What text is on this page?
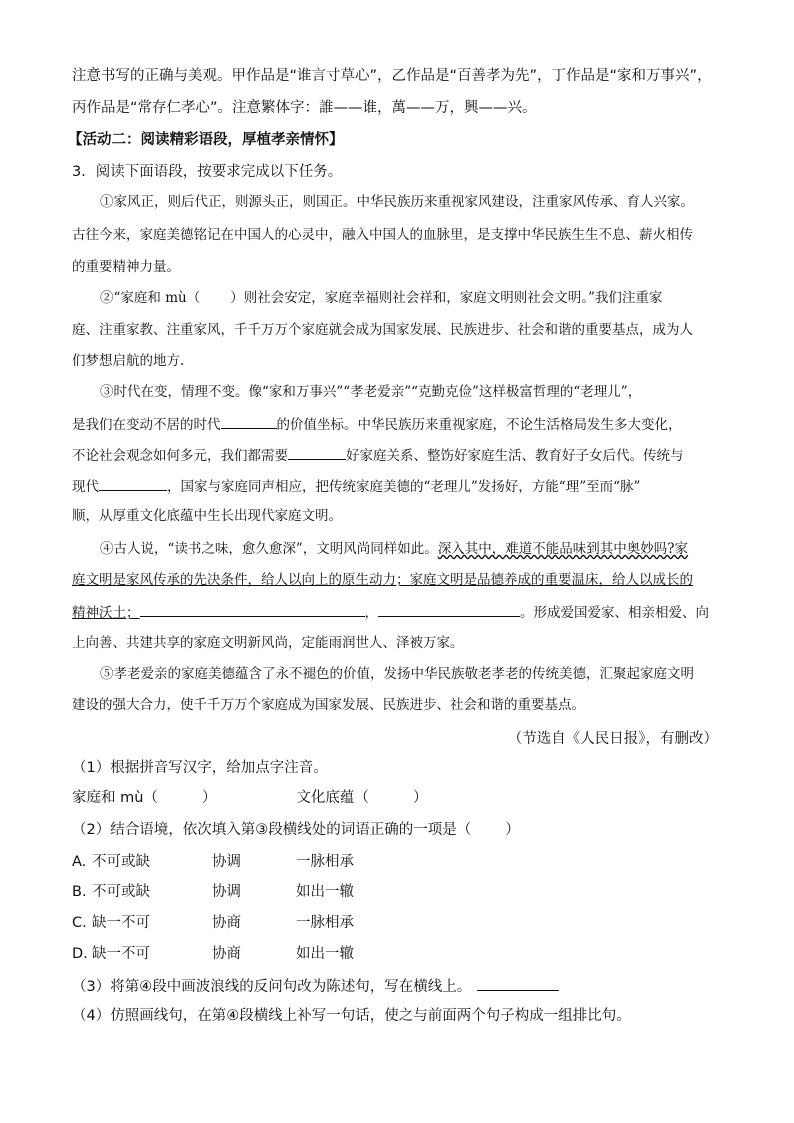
注意书写的正确与美观。甲作品是“谁言寸草心”，乙作品是“百善孝为先”，丁作品是“家和万事兴”，
丙作品是“常存仁孝心”。注意繁体字：誰——谁，萬——万，興——兴。
【活动二：阅读精彩语段，厚植孝亲情怀】
3．阅读下面语段，按要求完成以下任务。
①家风正，则后代正，则源头正，则国正。中华民族历来重视家风建设，注重家风传承、育人兴家。
古往今来，家庭美德铭记在中国人的心灵中，融入中国人的血脉里，是支撑中华民族生生不息、薪火相传
的重要精神力量。
②“家庭和 mù（ ）则社会安定，家庭幸福则社会祥和，家庭文明则社会文明。”我们注重家
庭、注重家教、注重家风，千千万万个家庭就会成为国家发展、民族进步、社会和谐的重要基点，成为人
们梦想启航的地方.
③时代在变，情理不变。像“家和万事兴”“孝老爱亲”“克勤克俭”这样极富哲理的“老理儿”，
是我们在变动不居的时代	的价值坐标。中华民族历来重视家庭，不论生活格局发生多大变化，
不论社会观念如何多元，我们都需要	好家庭关系、整饬好家庭生活、教育好子女后代。传统与
现代	，国家与家庭同声相应，把传统家庭美德的“老理儿”发扬好，方能“理”至而“脉”
顺，从厚重文化底蕴中生长出现代家庭文明。
④古人说，“读书之味，愈久愈深”，文明风尚同样如此。深入其中，难道不能品味到其中奥妙吗?家
庭文明是家风传承的先决条件，给人以向上的原生动力；家庭文明是品德养成的重要温床，给人以成长的
精神沃土；	，	。形成爱国爱家、相亲相爱、向
上向善、共建共享的家庭文明新风尚，定能雨润世人、泽被万家。
⑤孝老爱亲的家庭美德蕴含了永不褪色的价值，发扬中华民族敬老孝老的传统美德，汇聚起家庭文明
建设的强大合力，使千千万万个家庭成为国家发展、民族进步、社会和谐的重要基点。
（节选自《人民日报》，有删改）
（1）根据拼音写汉字，给加点字注音。
家庭和 mù（	）	文化底蕴（	）
（2）结合语境，依次填入第③段横线处的词语正确的一项是（ ）
A. 不可或缺	协调	一脉相承
B. 不可或缺	协调	如出一辙
C. 缺一不可	协商	一脉相承
D. 缺一不可	协商	如出一辙
（3）将第④段中画波浪线的反问句改为陈述句，写在横线上。
（4）仿照画线句，在第④段横线上补写一句话，使之与前面两个句子构成一组排比句。
